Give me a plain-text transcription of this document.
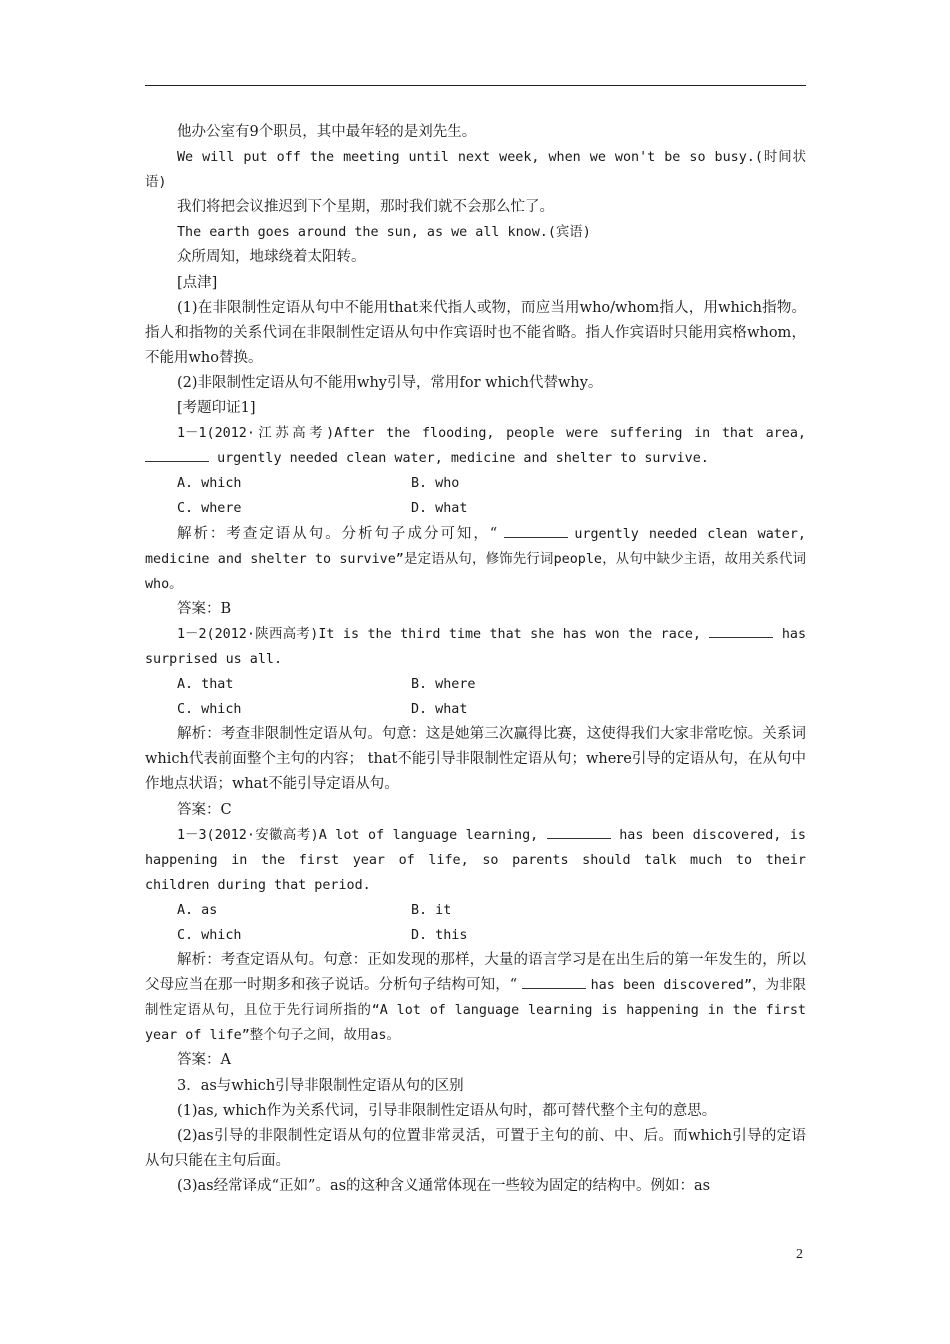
他办公室有9个职员，其中最年轻的是刘先生。

We will put off the meeting until next week, when we won't be so busy.(时间状语)

我们将把会议推迟到下个星期，那时我们就不会那么忙了。

The earth goes around the sun, as we all know.(宾语)

众所周知，地球绕着太阳转。

[点津]

(1)在非限制性定语从句中不能用that来代指人或物，而应当用who/whom指人，用which指物。指人和指物的关系代词在非限制性定语从句中作宾语时也不能省略。指人作宾语时只能用宾格whom，不能用who替换。

(2)非限制性定语从句不能用why引导，常用for which代替why。

[考题印证1]

1－1(2012·江苏高考)After the flooding, people were suffering in that area,  urgently needed clean water, medicine and shelter to survive.

A. which	B. who
C. where	D. what

解析：考查定语从句。分析句子成分可知，“	urgently needed clean water, medicine and shelter to survive”是定语从句，修饰先行词people，从句中缺少主语，故用关系代词who。

答案：B

1－2(2012·陕西高考)It is the third time that she has won the race,	has surprised us all.

A. that	B. where
C. which	D. what

解析：考查非限制性定语从句。句意：这是她第三次赢得比赛，这使得我们大家非常吃惊。关系词which代表前面整个主句的内容； that不能引导非限制性定语从句；where引导的定语从句，在从句中作地点状语；what不能引导定语从句。

答案：C

1－3(2012·安徽高考)A lot of language learning,	has been discovered, is happening in the first year of life, so parents should talk much to their children during that period.

A. as	B. it
C. which	D. this

解析：考查定语从句。句意：正如发现的那样，大量的语言学习是在出生后的第一年发生的，所以父母应当在那一时期多和孩子说话。分析句子结构可知，“	has been discovered”，为非限制性定语从句，且位于先行词所指的“A lot of language learning is happening in the first year of life”整个句子之间，故用as。

答案：A

3．as与which引导非限制性定语从句的区别

(1)as, which作为关系代词，引导非限制性定语从句时，都可替代整个主句的意思。

(2)as引导的非限制性定语从句的位置非常灵活，可置于主句的前、中、后。而which引导的定语从句只能在主句后面。

(3)as经常译成“正如”。as的这种含义通常体现在一些较为固定的结构中。例如：as

2
